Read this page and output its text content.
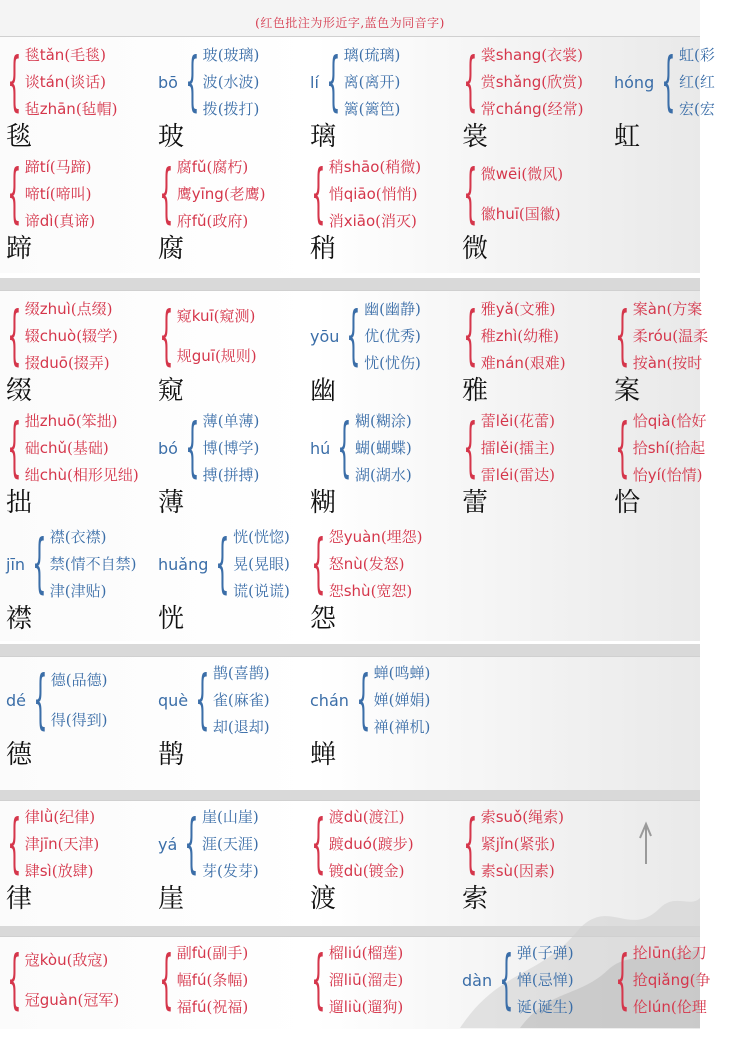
(红色批注为形近字,蓝色为同音字)
{ 毯tǎn(毛毯)
谈tán(谈话)
毡zhān(毡帽)
毯
bō { 玻(玻璃)
波(水波)
拨(拨打)
玻
lí { 璃(琉璃)
离(离开)
篱(篱笆)
璃
{ 裳shang(衣裳)
赏shǎng(欣赏)
常cháng(经常)
裳
hóng { 虹(彩
红(红
宏(宏
虹
{ 蹄tí(马蹄)
啼tí(啼叫)
谛dì(真谛)
蹄
{ 腐fǔ(腐朽)
鹰yīng(老鹰)
府fǔ(政府)
腐
{ 稍shāo(稍微)
悄qiāo(悄悄)
消xiāo(消灭)
稍
{ 微wēi(微风)
徽huī(国徽)
微
{ 缀zhuì(点缀)
辍chuò(辍学)
掇duō(掇弄)
缀
{ 窥kuī(窥测)
规guī(规则)
窥
yōu { 幽(幽静)
优(优秀)
忧(忧伤)
幽
{ 雅yǎ(文雅)
稚zhì(幼稚)
难nán(艰难)
雅
{ 案àn(方案
柔róu(温柔
按àn(按时
案
{ 拙zhuō(笨拙)
础chǔ(基础)
绌chù(相形见绌)
拙
bó { 薄(单薄)
博(博学)
搏(拼搏)
薄
hú { 糊(糊涂)
蝴(蝴蝶)
湖(湖水)
糊
{ 蕾lěi(花蕾)
擂lěi(擂主)
雷léi(雷达)
蕾
{ 恰qià(恰好
拾shí(拾起
怡yí(怡情)
恰
jīn { 襟(衣襟)
禁(情不自禁)
津(津贴)
襟
huǎng { 恍(恍惚)
晃(晃眼)
谎(说谎)
恍
{ 怨yuàn(埋怨)
怒nù(发怒)
恕shù(宽恕)
怨
dé { 德(品德)
得(得到)
德
què { 鹊(喜鹊)
雀(麻雀)
却(退却)
鹊
chán { 蝉(鸣蝉)
婵(婵娟)
禅(禅机)
蝉
{ 律lǜ(纪律)
津jīn(天津)
肆sì(放肆)
律
yá { 崖(山崖)
涯(天涯)
芽(发芽)
崖
{ 渡dù(渡江)
踱duó(踱步)
镀dù(镀金)
渡
{ 索suǒ(绳索)
紧jǐn(紧张)
素sù(因素)
索
{ 寇kòu(敌寇)
冠guàn(冠军) { 副fù(副手)
幅fú(条幅)
福fú(祝福) { 榴liú(榴莲)
溜liū(溜走)
遛liù(遛狗)
dàn { 弹(子弹)
惮(忌惮)
诞(诞生) { 抡lūn(抡刀
抢qiǎng(争
伦lún(伦理
